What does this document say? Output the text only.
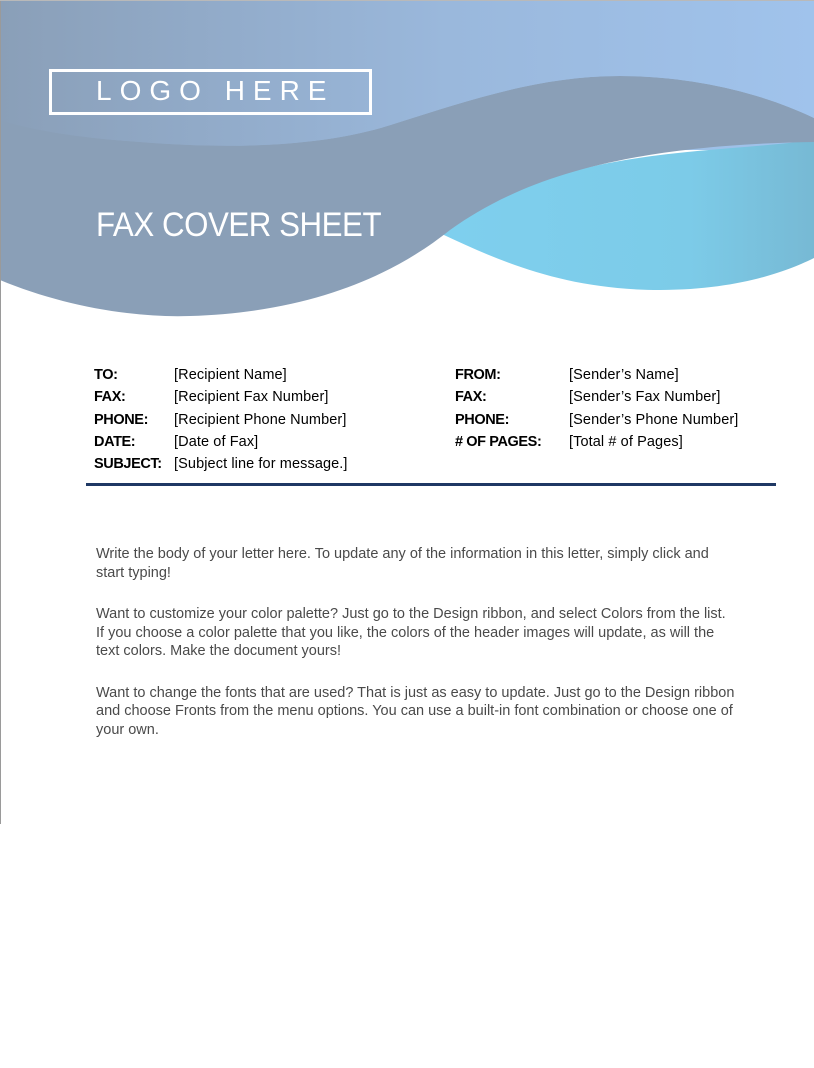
LOGO HERE
FAX COVER SHEET
TO:	[Recipient Name]
FAX:	[Recipient Fax Number]
PHONE: [Recipient Phone Number]
DATE:	[Date of Fax]
SUBJECT: [Subject line for message.]
FROM:	[Sender’s Name]
FAX:	[Sender’s Fax Number]
PHONE:	[Sender’s Phone Number]
# OF PAGES: [Total # of Pages]

Write the body of your letter here. To update any of the information in this letter, simply click and start typing!

Want to customize your color palette? Just go to the Design ribbon, and select Colors from the list. If you choose a color palette that you like, the colors of the header images will update, as will the text colors. Make the document yours!

Want to change the fonts that are used? That is just as easy to update. Just go to the Design ribbon and choose Fronts from the menu options. You can use a built-in font combination or choose one of your own.
